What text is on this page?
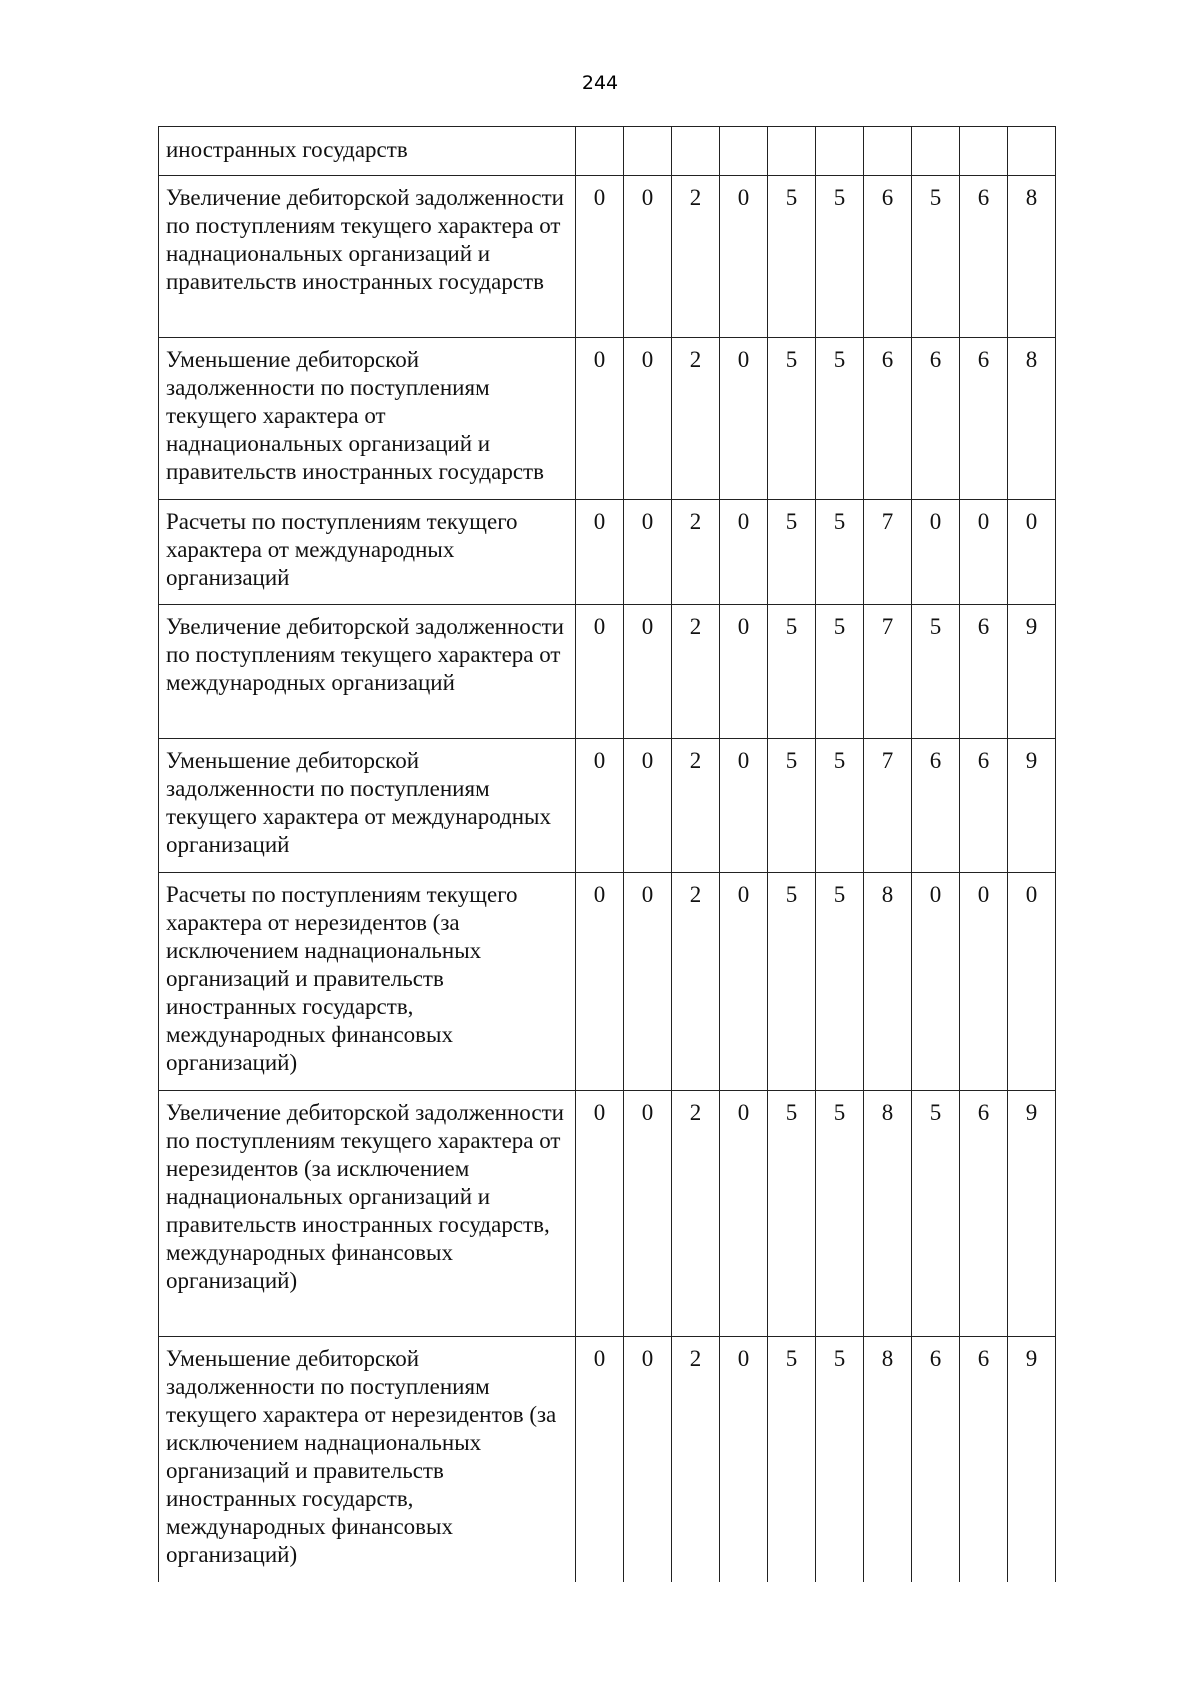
244
иностранных государств										
Увеличение дебиторской задолженности по поступлениям текущего характера от наднациональных организаций и правительств иностранных государств	0	0	2	0	5	5	6	5	6	8
Уменьшение дебиторской задолженности по поступлениям текущего характера от наднациональных организаций и правительств иностранных государств	0	0	2	0	5	5	6	6	6	8
Расчеты по поступлениям текущего характера от международных организаций	0	0	2	0	5	5	7	0	0	0
Увеличение дебиторской задолженности по поступлениям текущего характера от международных организаций	0	0	2	0	5	5	7	5	6	9
Уменьшение дебиторской задолженности по поступлениям текущего характера от международных организаций	0	0	2	0	5	5	7	6	6	9
Расчеты по поступлениям текущего характера от нерезидентов (за исключением наднациональных организаций и правительств иностранных государств, международных финансовых организаций)	0	0	2	0	5	5	8	0	0	0
Увеличение дебиторской задолженности по поступлениям текущего характера от нерезидентов (за исключением наднациональных организаций и правительств иностранных государств, международных финансовых организаций)	0	0	2	0	5	5	8	5	6	9
Уменьшение дебиторской задолженности по поступлениям текущего характера от нерезидентов (за исключением наднациональных организаций и правительств иностранных государств, международных финансовых организаций)	0	0	2	0	5	5	8	6	6	9
